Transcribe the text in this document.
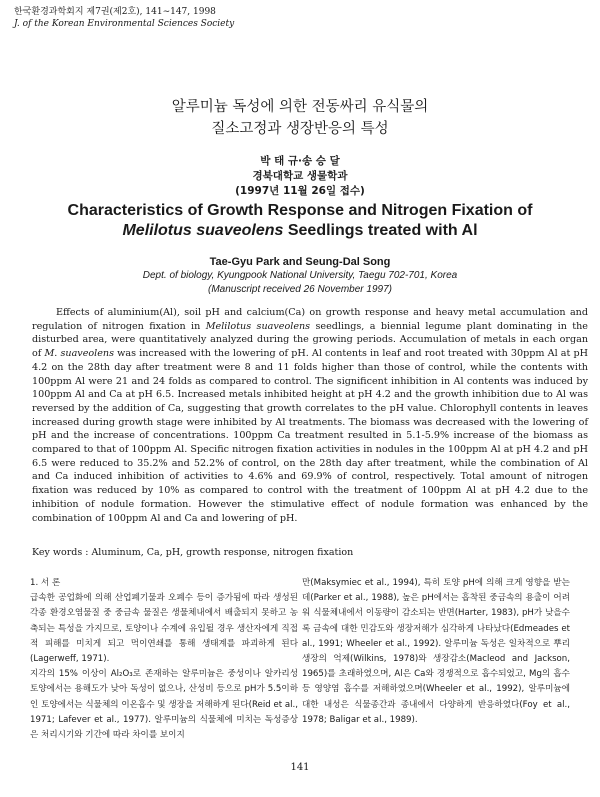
한국환경과학회지 제7권(제2호), 141∼147, 1998
J. of the Korean Environmental Sciences Society
알루미늄 독성에 의한 전동싸리 유식물의
질소고정과 생장반응의 특성
박 태 규·송 승 달
경북대학교 생물학과
(1997년 11월 26일 접수)
Characteristics of Growth Response and Nitrogen Fixation of
Melilotus suaveolens Seedlings treated with Al
Tae-Gyu Park and Seung-Dal Song
Dept. of biology, Kyungpook National University, Taegu 702-701, Korea
(Manuscript received 26 November 1997)
Effects of aluminium(Al), soil pH and calcium(Ca) on growth response and heavy metal accumulation and regulation of nitrogen fixation in Melilotus suaveolens seedlings, a biennial legume plant dominating in the disturbed area, were quantitatively analyzed during the growing periods. Accumulation of metals in each organ of M. suaveolens was increased with the lowering of pH. Al contents in leaf and root treated with 30ppm Al at pH 4.2 on the 28th day after treatment were 8 and 11 folds higher than those of control, while the contents with 100ppm Al were 21 and 24 folds as compared to control. The significent inhibition in Al contents was induced by 100ppm Al and Ca at pH 6.5. Increased metals inhibited height at pH 4.2 and the growth inhibition due to Al was reversed by the addition of Ca, suggesting that growth correlates to the pH value. Chlorophyll contents in leaves increased during growth stage were inhibited by Al treatments. The biomass was decreased with the lowering of pH and the increase of concentrations. 100ppm Ca treatment resulted in 5.1-5.9% increase of the biomass as compared to that of 100ppm Al. Specific nitrogen fixation activities in nodules in the 100ppm Al at pH 4.2 and pH 6.5 were reduced to 35.2% and 52.2% of control, on the 28th day after treatment, while the combination of Al and Ca induced inhibition of activities to 4.6% and 69.9% of control, respectively. Total amount of nitrogen fixation was reduced by 10% as compared to control with the treatment of 100ppm Al at pH 4.2 due to the inhibition of nodule formation. However the stimulative effect of nodule formation was enhanced by the combination of 100ppm Al and Ca and lowering of pH.
Key words : Aluminum, Ca, pH, growth response, nitrogen fixation
1. 서 론
급속한 공업화에 의해 산업폐기물과 오폐수 등이 증가됨에 따라 생성된 각종 환경오염물질 중 중금속 물질은 생물체내에서 배출되지 못하고 농축되는 특성을 가지므로, 토양이나 수계에 유입될 경우 생산자에게 직접적 피해를 미치게 되고 먹이연쇄를 통해 생태계를 파괴하게 된다(Lagerweff, 1971).
지각의 15% 이상이 Al₂O₃로 존재하는 알루미늄은 중성이나 알카리성 토양에서는 용해도가 낮아 독성이 없으나, 산성비 등으로 pH가 5.5이하인 토양에서는 식물체의 이온흡수 및 생장을 저해하게 된다(Reid et al., 1971; Lafever et al., 1977). 알루미늄의 식물체에 미치는 독성증상은 처리시기와 기간에 따라 차이를 보이지
만(Maksymiec et al., 1994), 특히 토양 pH에 의해 크게 영향을 받는데(Parker et al., 1988), 높은 pH에서는 흡착된 중금속의 용출이 어려워 식물체내에서 이동량이 감소되는 반면(Harter, 1983), pH가 낮을수록 금속에 대한 민감도와 생장저해가 심각하게 나타났다(Edmeades et al., 1991; Wheeler et al., 1992). 알루미늄 독성은 일차적으로 뿌리생장의 억제(Wilkins, 1978)와 생장감소(Macleod and Jackson, 1965)를 초래하였으며, Al은 Ca와 경쟁적으로 흡수되었고, Mg의 흡수 등 영양염 흡수를 저해하였으며(Wheeler et al., 1992), 알루미늄에 대한 내성은 식물종간과 종내에서 다양하게 반응하였다(Foy et al., 1978; Baligar et al., 1989).
141
